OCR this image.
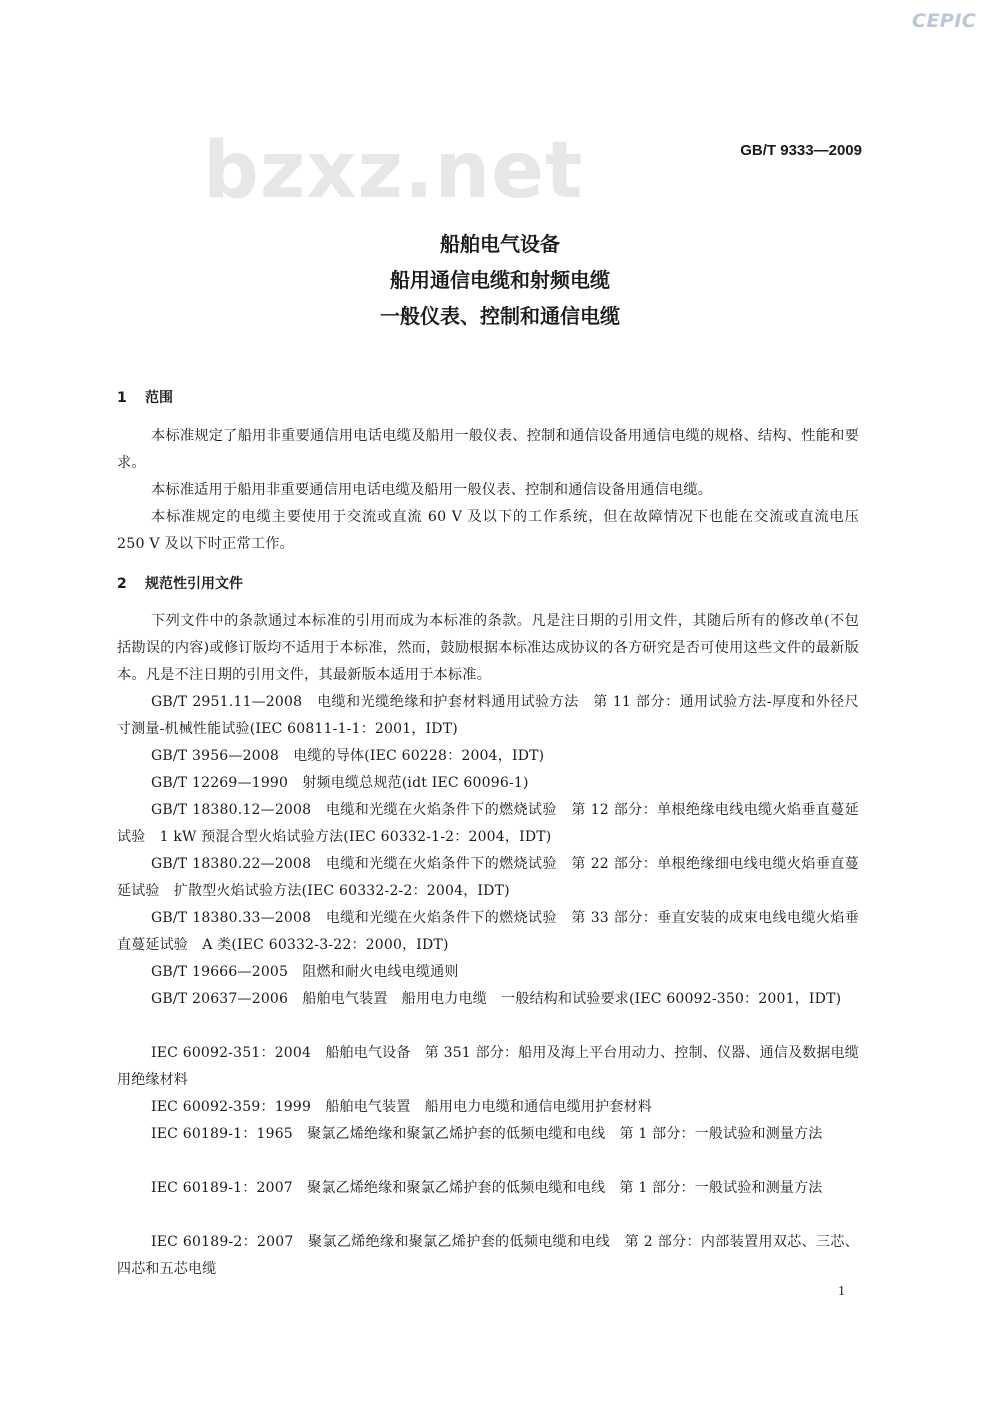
CEPIC
bzxz.net	GB/T 9333—2009
船舶电气设备
船用通信电缆和射频电缆
一般仪表、控制和通信电缆
1 范围
本标准规定了船用非重要通信用电话电缆及船用一般仪表、控制和通信设备用通信电缆的规格、结构、性能和要求。
本标准适用于船用非重要通信用电话电缆及船用一般仪表、控制和通信设备用通信电缆。
本标准规定的电缆主要使用于交流或直流 60 V 及以下的工作系统，但在故障情况下也能在交流或直流电压 250 V 及以下时正常工作。
2 规范性引用文件
下列文件中的条款通过本标准的引用而成为本标准的条款。凡是注日期的引用文件，其随后所有的修改单(不包括勘误的内容)或修订版均不适用于本标准，然而，鼓励根据本标准达成协议的各方研究是否可使用这些文件的最新版本。凡是不注日期的引用文件，其最新版本适用于本标准。
GB/T 2951.11—2008　电缆和光缆绝缘和护套材料通用试验方法　第 11 部分：通用试验方法-厚度和外径尺寸测量-机械性能试验(IEC 60811-1-1：2001，IDT)
GB/T 3956—2008　电缆的导体(IEC 60228：2004，IDT)
GB/T 12269—1990　射频电缆总规范(idt IEC 60096-1)
GB/T 18380.12—2008　电缆和光缆在火焰条件下的燃烧试验　第 12 部分：单根绝缘电线电缆火焰垂直蔓延试验　1 kW 预混合型火焰试验方法(IEC 60332-1-2：2004，IDT)
GB/T 18380.22—2008　电缆和光缆在火焰条件下的燃烧试验　第 22 部分：单根绝缘细电线电缆火焰垂直蔓延试验　扩散型火焰试验方法(IEC 60332-2-2：2004，IDT)
GB/T 18380.33—2008　电缆和光缆在火焰条件下的燃烧试验　第 33 部分：垂直安装的成束电线电缆火焰垂直蔓延试验　A 类(IEC 60332-3-22：2000，IDT)
GB/T 19666—2005　阻燃和耐火电线电缆通则
GB/T 20637—2006　船舶电气装置　船用电力电缆　一般结构和试验要求(IEC 60092-350：2001，IDT)
IEC 60092-351：2004　船舶电气设备　第 351 部分：船用及海上平台用动力、控制、仪器、通信及数据电缆用绝缘材料
IEC 60092-359：1999　船舶电气装置　船用电力电缆和通信电缆用护套材料
IEC 60189-1：1965　聚氯乙烯绝缘和聚氯乙烯护套的低频电缆和电线　第 1 部分：一般试验和测量方法
IEC 60189-1：2007　聚氯乙烯绝缘和聚氯乙烯护套的低频电缆和电线　第 1 部分：一般试验和测量方法
IEC 60189-2：2007　聚氯乙烯绝缘和聚氯乙烯护套的低频电缆和电线　第 2 部分：内部装置用双芯、三芯、四芯和五芯电缆
1
